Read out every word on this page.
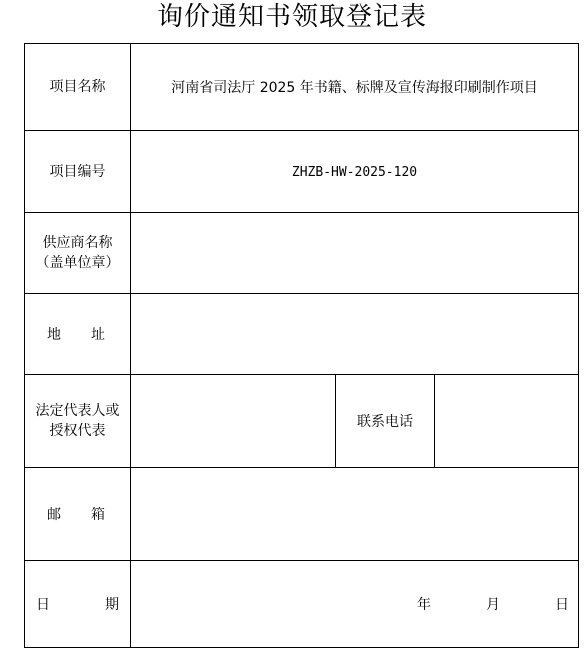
询价通知书领取登记表
项目名称	河南省司法厅 2025 年书籍、标牌及宣传海报印刷制作项目		
项目编号	ZHZB-HW-2025-120		

供应商名称
（盖单位章）			

地 址			

法定代表人或
授权代表		联系电话	

邮 箱			

日 期	年 月 日		
